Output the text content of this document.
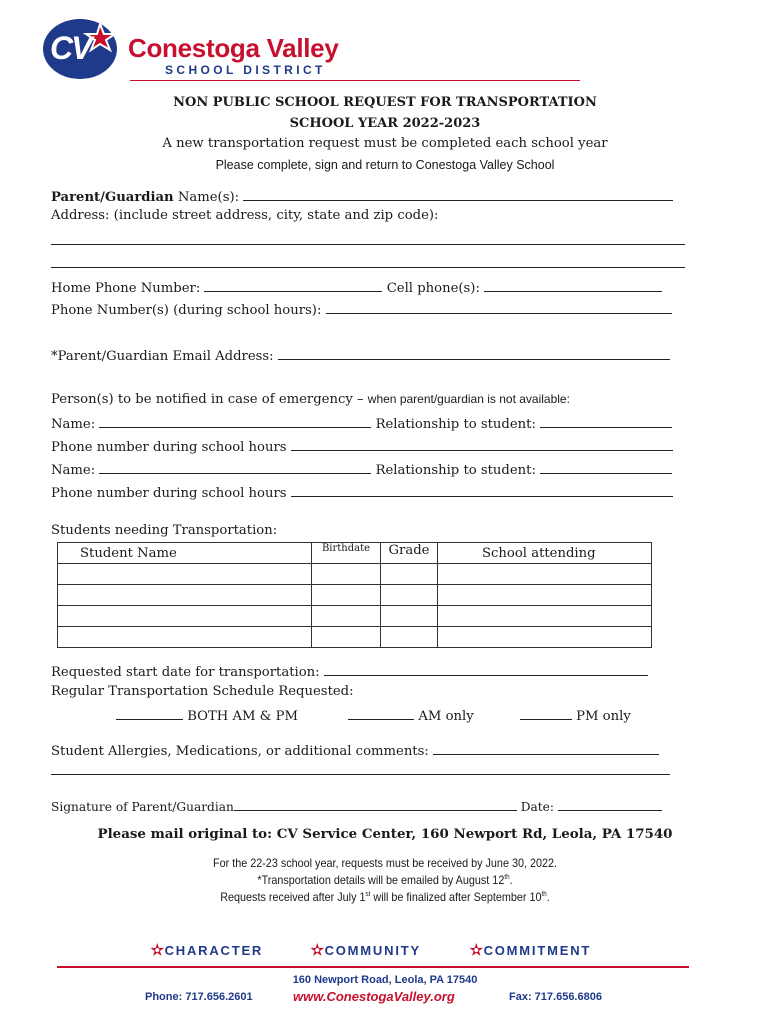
CV Conestoga Valley
SCHOOL DISTRICT
NON PUBLIC SCHOOL REQUEST FOR TRANSPORTATION
SCHOOL YEAR 2022-2023
A new transportation request must be completed each school year
Please complete, sign and return to Conestoga Valley School
Parent/Guardian Name(s):
Address: (include street address, city, state and zip code):
Home Phone Number:	Cell phone(s):
Phone Number(s) (during school hours):
*Parent/Guardian Email Address:
Person(s) to be notified in case of emergency – when parent/guardian is not available:
Name:	Relationship to student:
Phone number during school hours
Name:	Relationship to student:
Phone number during school hours
Students needing Transportation:
Student Name	Birthdate	Grade	School attending

Requested start date for transportation:
Regular Transportation Schedule Requested:
BOTH AM & PM	AM only	PM only
Student Allergies, Medications, or additional comments:
Signature of Parent/Guardian	Date:
Please mail original to: CV Service Center, 160 Newport Rd, Leola, PA 17540
For the 22-23 school year, requests must be received by June 30, 2022.
*Transportation details will be emailed by August 12th.
Requests received after July 1st will be finalized after September 10th.
✫CHARACTER	✫COMMUNITY	✫COMMITMENT
160 Newport Road, Leola, PA 17540
Phone: 717.656.2601	www.ConestogaValley.org	Fax: 717.656.6806
